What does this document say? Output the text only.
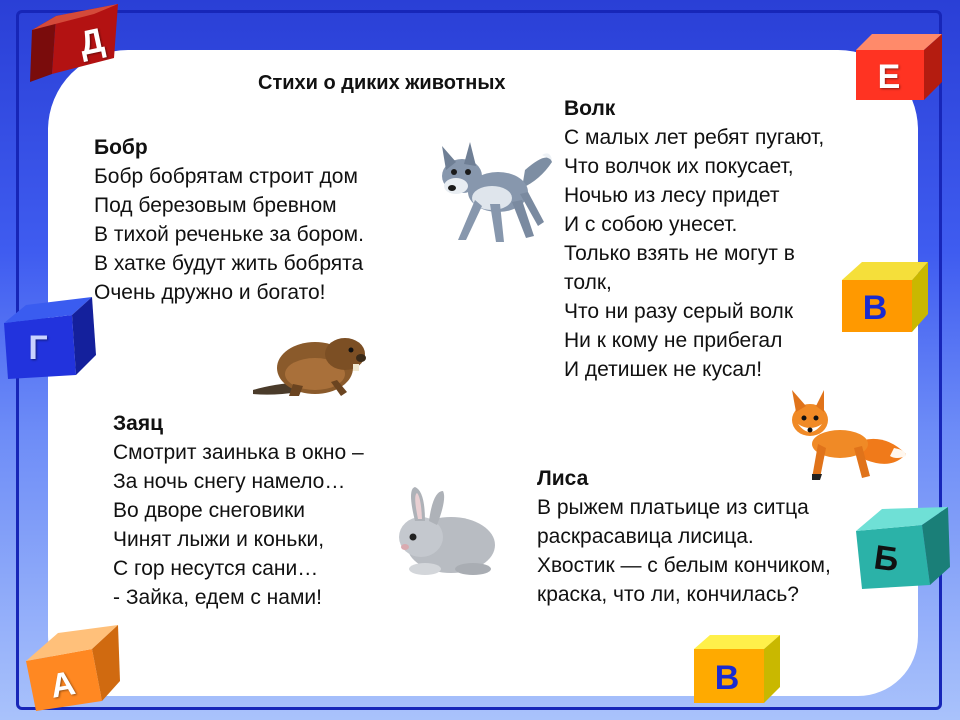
Стихи о диких животных
Бобр
Бобр бобрятам строит дом
Под березовым бревном
В тихой реченьке за бором.
В хатке будут жить бобрята
Очень дружно и богато!
Волк
С малых лет ребят пугают,
Что волчок их покусает,
Ночью из лесу придет
И с собою унесет.
Только взять не могут в
толк,
Что ни разу серый волк
Ни к кому не прибегал
И детишек не кусал!
Заяц
Смотрит заинька в окно –
За ночь снегу намело…
Во дворе снеговики
Чинят лыжи и коньки,
С гор несутся сани…
- Зайка, едем с нами!
Лиса
В рыжем платьице из ситца
раскрасавица лисица.
Хвостик — с белым кончиком,
краска, что ли, кончилась?
Д
Е
Г
В
Б
А	В
